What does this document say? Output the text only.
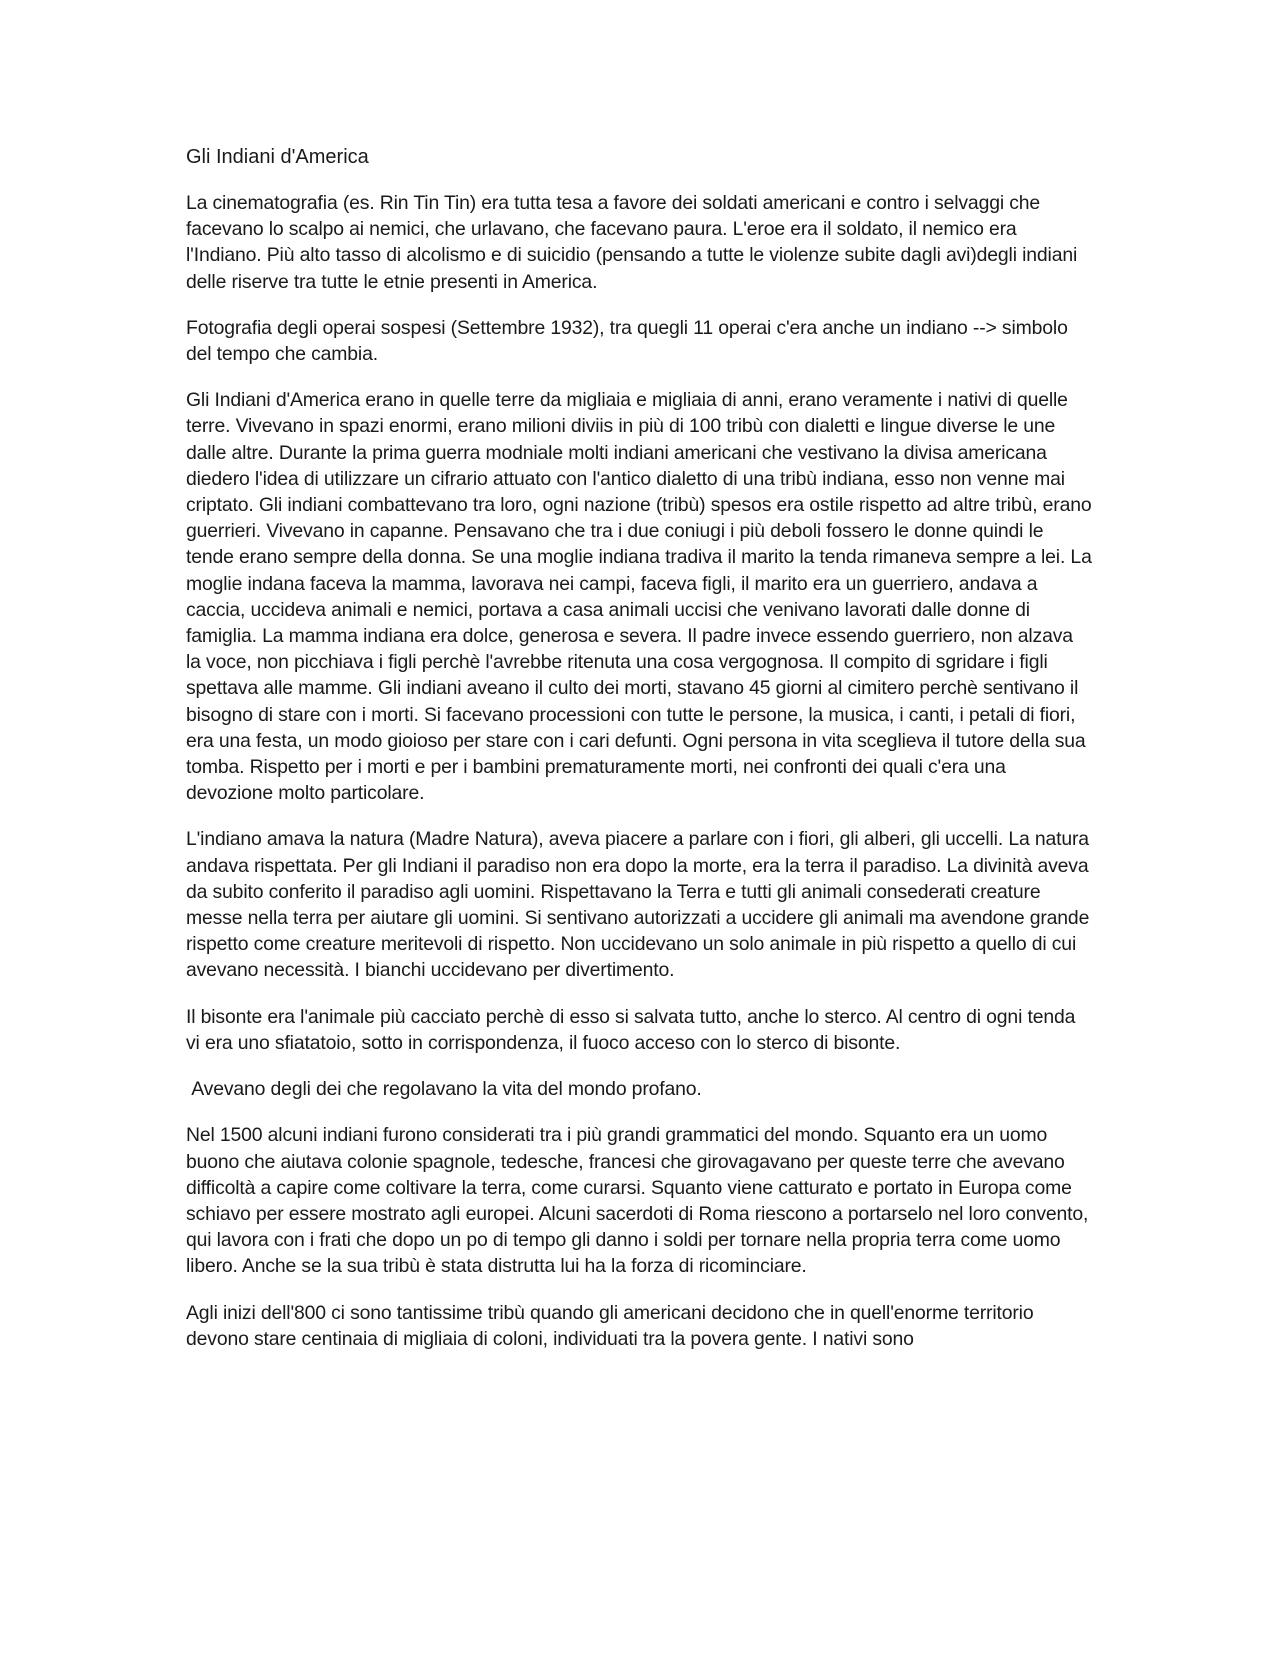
Gli Indiani d'America

La cinematografia (es. Rin Tin Tin) era tutta tesa a favore dei soldati americani e contro i selvaggi che facevano lo scalpo ai nemici, che urlavano, che facevano paura. L'eroe era il soldato, il nemico era l'Indiano. Più alto tasso di alcolismo e di suicidio (pensando a tutte le violenze subite dagli avi)degli indiani delle riserve tra tutte le etnie presenti in America.

Fotografia degli operai sospesi (Settembre 1932), tra quegli 11 operai c'era anche un indiano --> simbolo del tempo che cambia.

Gli Indiani d'America erano in quelle terre da migliaia e migliaia di anni, erano veramente i nativi di quelle terre. Vivevano in spazi enormi, erano milioni diviis in più di 100 tribù con dialetti e lingue diverse le une dalle altre. Durante la prima guerra modniale molti indiani americani che vestivano la divisa americana diedero l'idea di utilizzare un cifrario attuato con l'antico dialetto di una tribù indiana, esso non venne mai criptato. Gli indiani combattevano tra loro, ogni nazione (tribù) spesos era ostile rispetto ad altre tribù, erano guerrieri. Vivevano in capanne. Pensavano che tra i due coniugi i più deboli fossero le donne quindi le tende erano sempre della donna. Se una moglie indiana tradiva il marito la tenda rimaneva sempre a lei. La moglie indana faceva la mamma, lavorava nei campi, faceva figli, il marito era un guerriero, andava a caccia, uccideva animali e nemici, portava a casa animali uccisi che venivano lavorati dalle donne di famiglia. La mamma indiana era dolce, generosa e severa. Il padre invece essendo guerriero, non alzava la voce, non picchiava i figli perchè l'avrebbe ritenuta una cosa vergognosa. Il compito di sgridare i figli spettava alle mamme. Gli indiani aveano il culto dei morti, stavano 45 giorni al cimitero perchè sentivano il bisogno di stare con i morti. Si facevano processioni con tutte le persone, la musica, i canti, i petali di fiori, era una festa, un modo gioioso per stare con i cari defunti. Ogni persona in vita sceglieva il tutore della sua tomba. Rispetto per i morti e per i bambini prematuramente morti, nei confronti dei quali c'era una devozione molto particolare.

L'indiano amava la natura (Madre Natura), aveva piacere a parlare con i fiori, gli alberi, gli uccelli. La natura andava rispettata. Per gli Indiani il paradiso non era dopo la morte, era la terra il paradiso. La divinità aveva da subito conferito il paradiso agli uomini. Rispettavano la Terra e tutti gli animali consederati creature messe nella terra per aiutare gli uomini. Si sentivano autorizzati a uccidere gli animali ma avendone grande rispetto come creature meritevoli di rispetto. Non uccidevano un solo animale in più rispetto a quello di cui avevano necessità. I bianchi uccidevano per divertimento.

Il bisonte era l'animale più cacciato perchè di esso si salvata tutto, anche lo sterco. Al centro di ogni tenda vi era uno sfiatatoio, sotto in corrispondenza, il fuoco acceso con lo sterco di bisonte.

Avevano degli dei che regolavano la vita del mondo profano.

Nel 1500 alcuni indiani furono considerati tra i più grandi grammatici del mondo. Squanto era un uomo buono che aiutava colonie spagnole, tedesche, francesi che girovagavano per queste terre che avevano difficoltà a capire come coltivare la terra, come curarsi. Squanto viene catturato e portato in Europa come schiavo per essere mostrato agli europei. Alcuni sacerdoti di Roma riescono a portarselo nel loro convento, qui lavora con i frati che dopo un po di tempo gli danno i soldi per tornare nella propria terra come uomo libero. Anche se la sua tribù è stata distrutta lui ha la forza di ricominciare.

Agli inizi dell'800 ci sono tantissime tribù quando gli americani decidono che in quell'enorme territorio devono stare centinaia di migliaia di coloni, individuati tra la povera gente. I nativi sono
